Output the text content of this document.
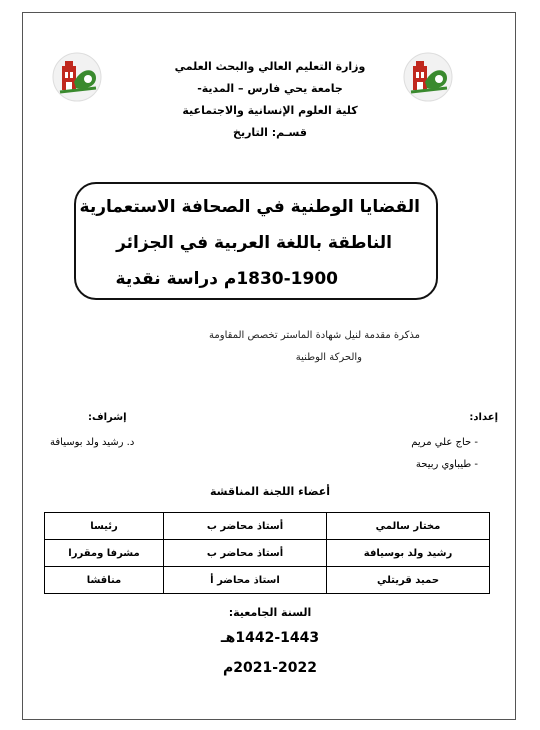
وزارة التعليم العالي والبحث العلمي
جامعة يحي فارس – المدية-
كلية العلوم الإنسانية والاجتماعية
قسـم: التاريخ
القضايا الوطنية في الصحافة الاستعمارية
الناطقة باللغة العربية في الجزائر
1830-1900م دراسة نقدية
مذكرة مقدمة لنيل شهادة الماستر تخصص المقاومة
والحركة الوطنية
إعداد:
- حاج علي مريم
- طيباوي ربيحة
إشراف:
د. رشيد ولد بوسيافة
أعضاء اللجنة المناقشة
مختار سالمي	أستاذ محاضر ب	رئيسا
رشيد ولد بوسيافة	أستاذ محاضر ب	مشرفا ومقررا
حميد قريتلي	استاذ محاضر أ	مناقشا
السنة الجامعية:
1442-1443هـ
2021-2022م
